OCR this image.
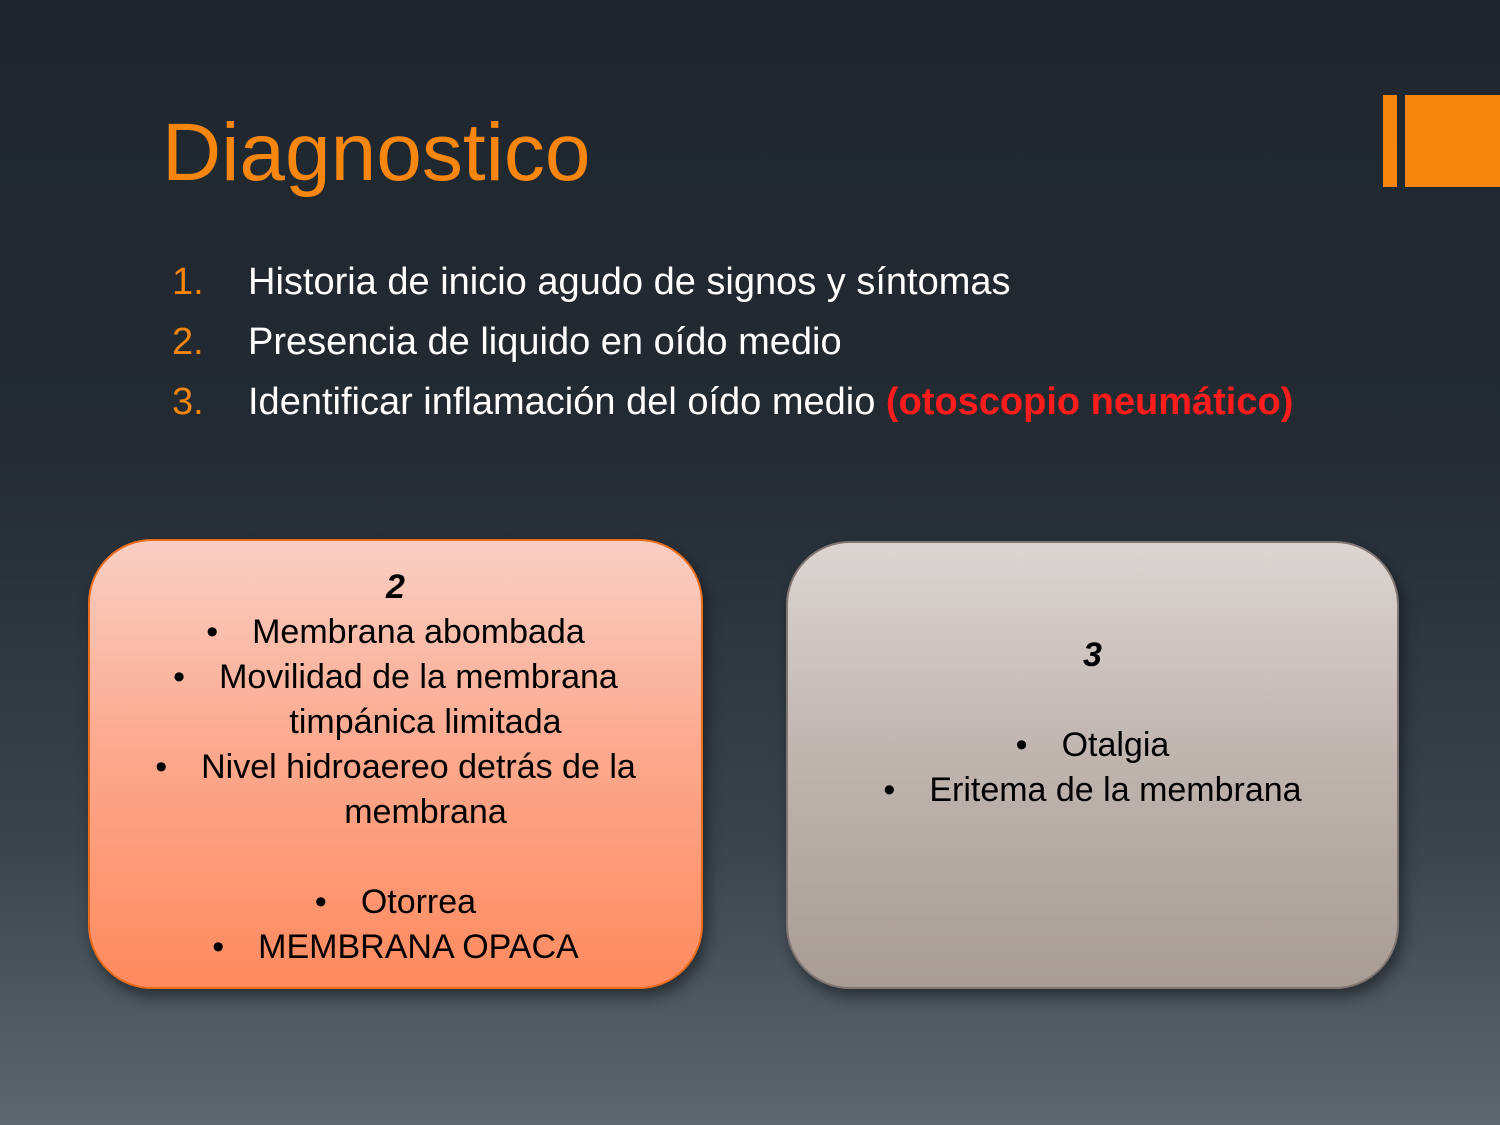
Diagnostico
1.	Historia de inicio agudo de signos y síntomas
2.	Presencia de liquido en oído medio
3.	Identificar inflamación del oído medio (otoscopio neumático)
2
• Membrana abombada
• Movilidad de la membrana
timpánica limitada
• Nivel hidroaereo detrás de la
membrana
• Otorrea
• MEMBRANA OPACA
3
• Otalgia
• Eritema de la membrana
